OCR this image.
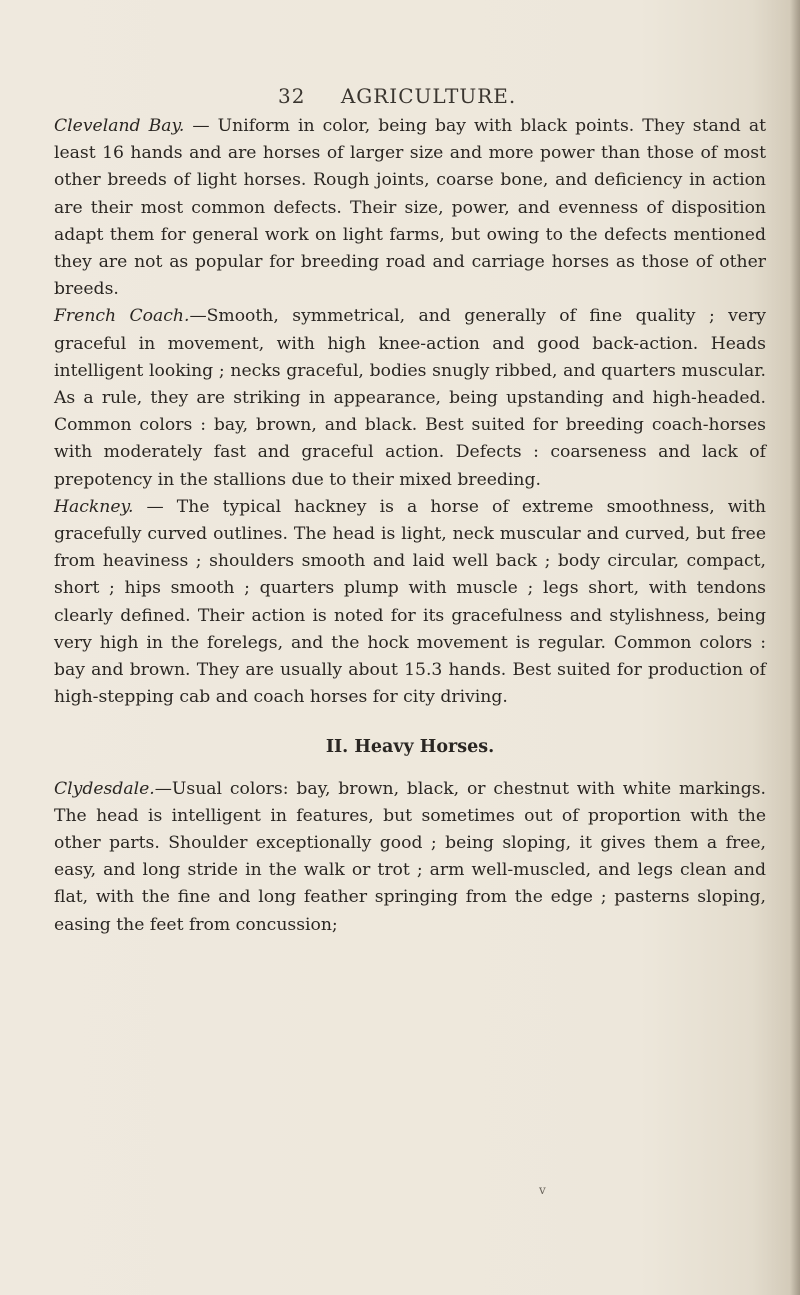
32 AGRICULTURE.

Cleveland Bay. — Uniform in color, being bay with black points. They stand at least 16 hands and are horses of larger size and more power than those of most other breeds of light horses. Rough joints, coarse bone, and deficiency in action are their most common defects. Their size, power, and evenness of disposition adapt them for general work on light farms, but owing to the defects mentioned they are not as popular for breeding road and carriage horses as those of other breeds.

French Coach.—Smooth, symmetrical, and generally of fine quality ; very graceful in movement, with high knee-action and good back-action. Heads intelligent looking ; necks graceful, bodies snugly ribbed, and quarters muscular. As a rule, they are striking in appearance, being upstanding and high-headed. Common colors : bay, brown, and black. Best suited for breeding coach-horses with moderately fast and graceful action. Defects : coarseness and lack of prepotency in the stallions due to their mixed breeding.

Hackney. — The typical hackney is a horse of extreme smoothness, with gracefully curved outlines. The head is light, neck muscular and curved, but free from heaviness ; shoulders smooth and laid well back ; body circular, compact, short ; hips smooth ; quarters plump with muscle ; legs short, with tendons clearly defined. Their action is noted for its gracefulness and stylishness, being very high in the forelegs, and the hock movement is regular. Common colors : bay and brown. They are usually about 15.3 hands. Best suited for production of high-stepping cab and coach horses for city driving.

II. Heavy Horses.

Clydesdale.—Usual colors: bay, brown, black, or chestnut with white markings. The head is intelligent in features, but sometimes out of proportion with the other parts. Shoulder exceptionally good ; being sloping, it gives them a free, easy, and long stride in the walk or trot ; arm well-muscled, and legs clean and flat, with the fine and long feather springing from the edge ; pasterns sloping, easing the feet from concussion;

v
